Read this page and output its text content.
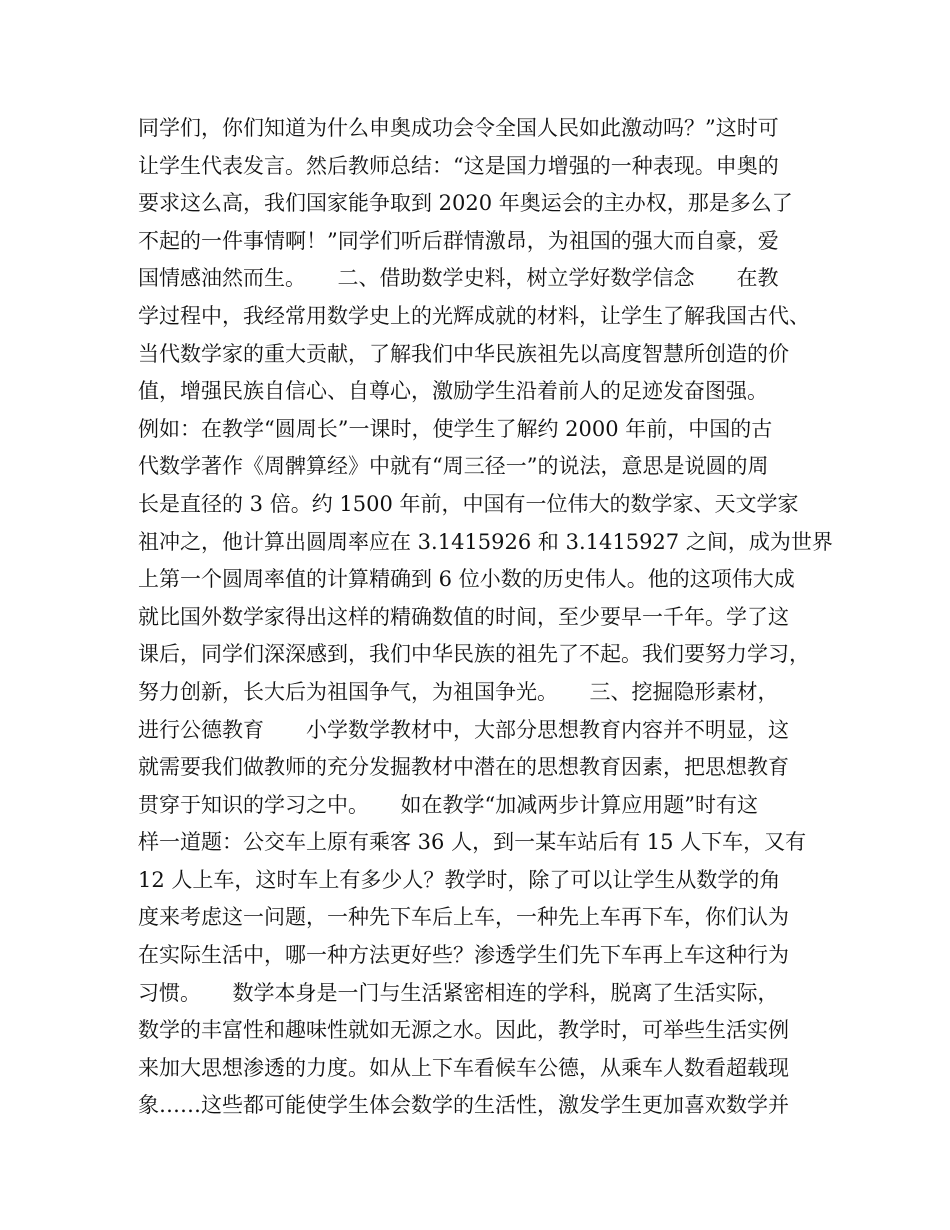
同学们，你们知道为什么申奥成功会令全国人民如此激动吗？”这时可

让学生代表发言。然后教师总结：“这是国力增强的一种表现。申奥的

要求这么高，我们国家能争取到 2020 年奥运会的主办权，那是多么了

不起的一件事情啊！”同学们听后群情激昂，为祖国的强大而自豪，爱

国情感油然而生。　　二、借助数学史料，树立学好数学信念　　在教

学过程中，我经常用数学史上的光辉成就的材料，让学生了解我国古代、

当代数学家的重大贡献，了解我们中华民族祖先以高度智慧所创造的价

值，增强民族自信心、自尊心，激励学生沿着前人的足迹发奋图强。

例如：在教学“圆周长”一课时，使学生了解约 2000 年前，中国的古

代数学著作《周髀算经》中就有“周三径一”的说法，意思是说圆的周

长是直径的 3 倍。约 1500 年前，中国有一位伟大的数学家、天文学家

祖冲之，他计算出圆周率应在 3.1415926 和 3.1415927 之间，成为世界

上第一个圆周率值的计算精确到 6 位小数的历史伟人。他的这项伟大成

就比国外数学家得出这样的精确数值的时间，至少要早一千年。学了这

课后，同学们深深感到，我们中华民族的祖先了不起。我们要努力学习，

努力创新，长大后为祖国争气，为祖国争光。　　三、挖掘隐形素材，

进行公德教育　　小学数学教材中，大部分思想教育内容并不明显，这

就需要我们做教师的充分发掘教材中潜在的思想教育因素，把思想教育

贯穿于知识的学习之中。　　如在教学“加减两步计算应用题”时有这

样一道题：公交车上原有乘客 36 人，到一某车站后有 15 人下车，又有

12 人上车，这时车上有多少人？教学时，除了可以让学生从数学的角

度来考虑这一问题，一种先下车后上车，一种先上车再下车，你们认为

在实际生活中，哪一种方法更好些？渗透学生们先下车再上车这种行为

习惯。　　数学本身是一门与生活紧密相连的学科，脱离了生活实际，

数学的丰富性和趣味性就如无源之水。因此，教学时，可举些生活实例

来加大思想渗透的力度。如从上下车看候车公德，从乘车人数看超载现

象……这些都可能使学生体会数学的生活性，激发学生更加喜欢数学并
